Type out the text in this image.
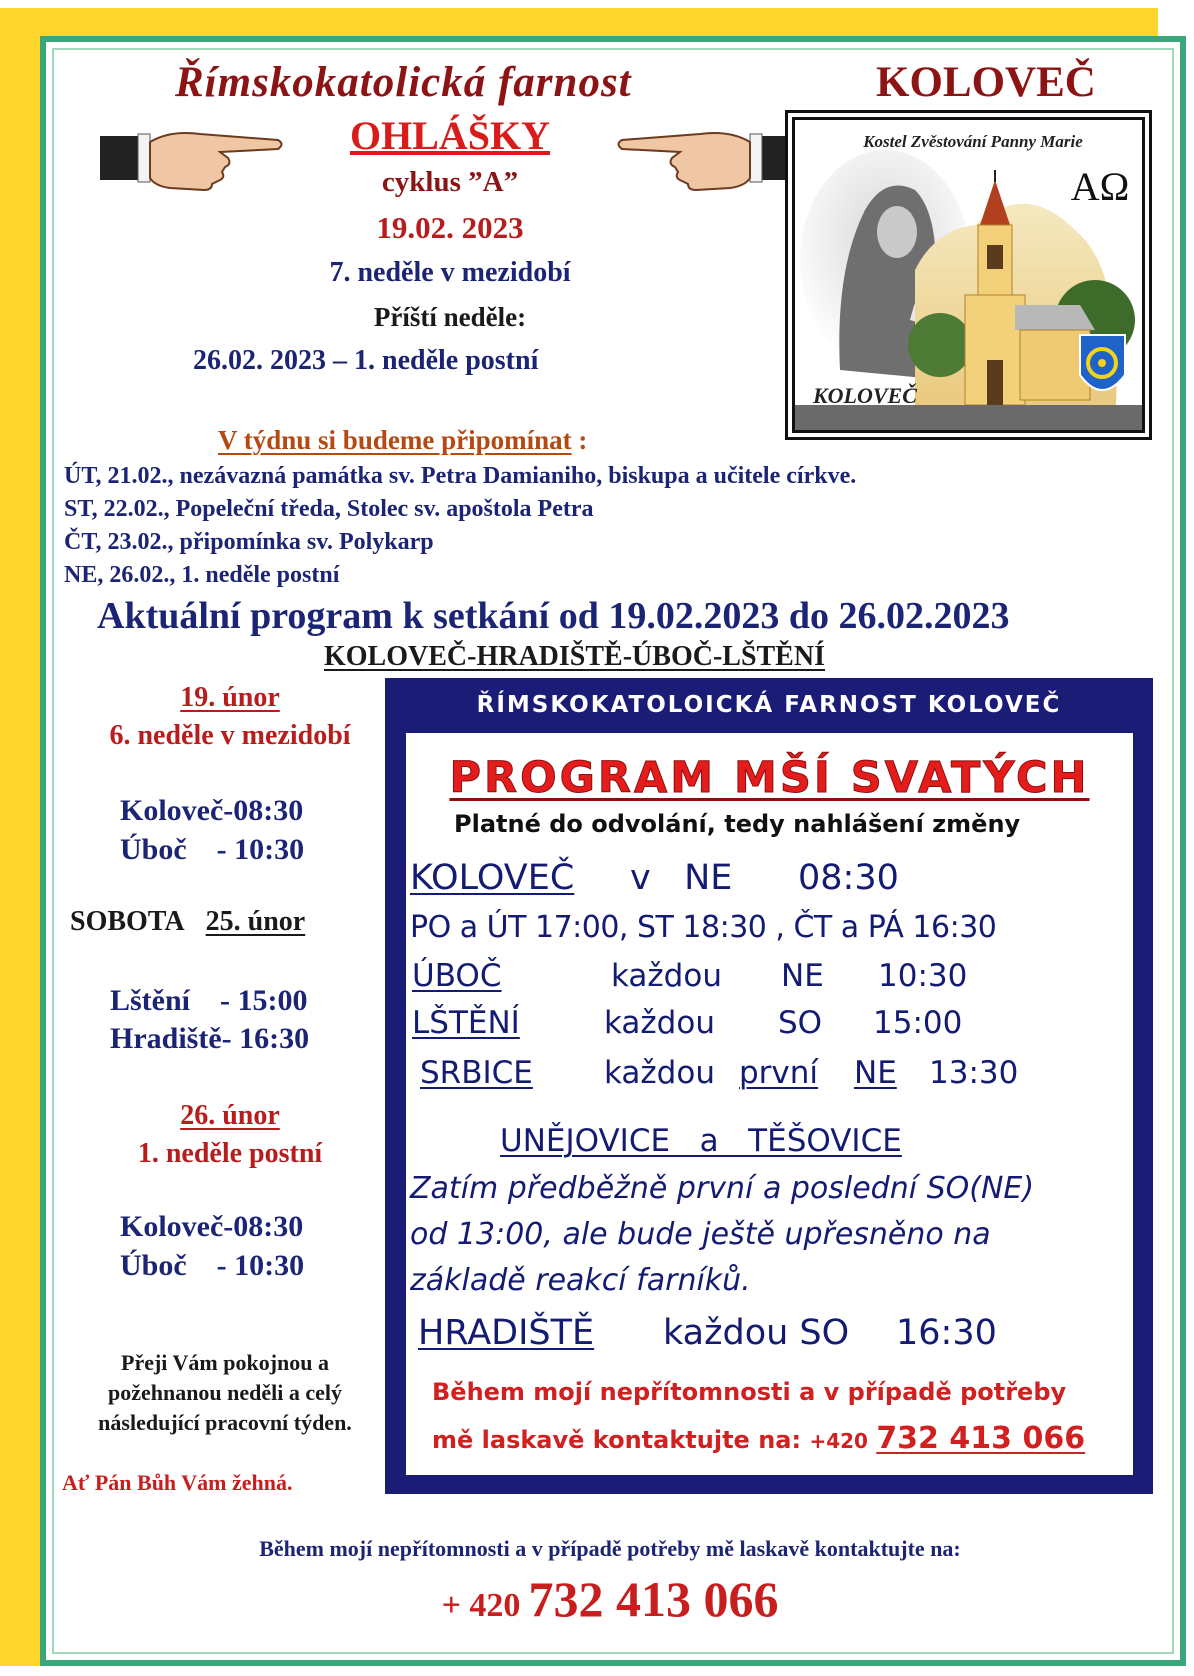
Římskokatolická farnost	KOLOVEČ
OHLÁŠKY
cyklus ”A”
19.02. 2023
7. neděle v mezidobí
Příští neděle:
26.02. 2023 – 1. neděle postní
AΩ
Kostel Zvěstování Panny Marie
KOLOVEČ
V týdnu si budeme připomínat :
ÚT, 21.02., nezávazná památka sv. Petra Damianiho, biskupa a učitele církve.
ST, 22.02., Popeleční tředa, Stolec sv. apoštola Petra
ČT, 23.02., připomínka sv. Polykarp
NE, 26.02., 1. neděle postní
Aktuální program k setkání od 19.02.2023 do 26.02.2023
KOLOVEČ-HRADIŠTĚ-ÚBOČ-LŠTĚNÍ
19. únor
6. neděle v mezidobí
Koloveč-08:30
Úboč    - 10:30
SOBOTA 25. únor
Lštění    - 15:00
Hradiště- 16:30
26. únor
1. neděle postní
Koloveč-08:30
Úboč    - 10:30
Přeji Vám pokojnou a
požehnanou neděli a celý
následující pracovní týden.
Ať Pán Bůh Vám žehná.
ŘÍMSKOKATOLOICKÁ FARNOST KOLOVEČ
PROGRAM MŠÍ SVATÝCH
Platné do odvolání, tedy nahlášení změny
KOLOVEČ v   NE 08:30
PO a ÚT 17:00, ST 18:30 , ČT a PÁ 16:30
ÚBOČ	každou NE 10:30
LŠTĚNÍ	každou SO 15:00
SRBICE každou první NE 13:30
UNĚJOVICE   a   TĚŠOVICE
Zatím předběžně první a poslední SO(NE)
od 13:00, ale bude ještě upřesněno na
základě reakcí farníků.
HRADIŠTĚ každou SO 16:30
Během mojí nepřítomnosti a v případě potřeby
mě laskavě kontaktujte na: +420 732 413 066
Během mojí nepřítomnosti a v případě potřeby mě laskavě kontaktujte na:
+ 420 732 413 066
